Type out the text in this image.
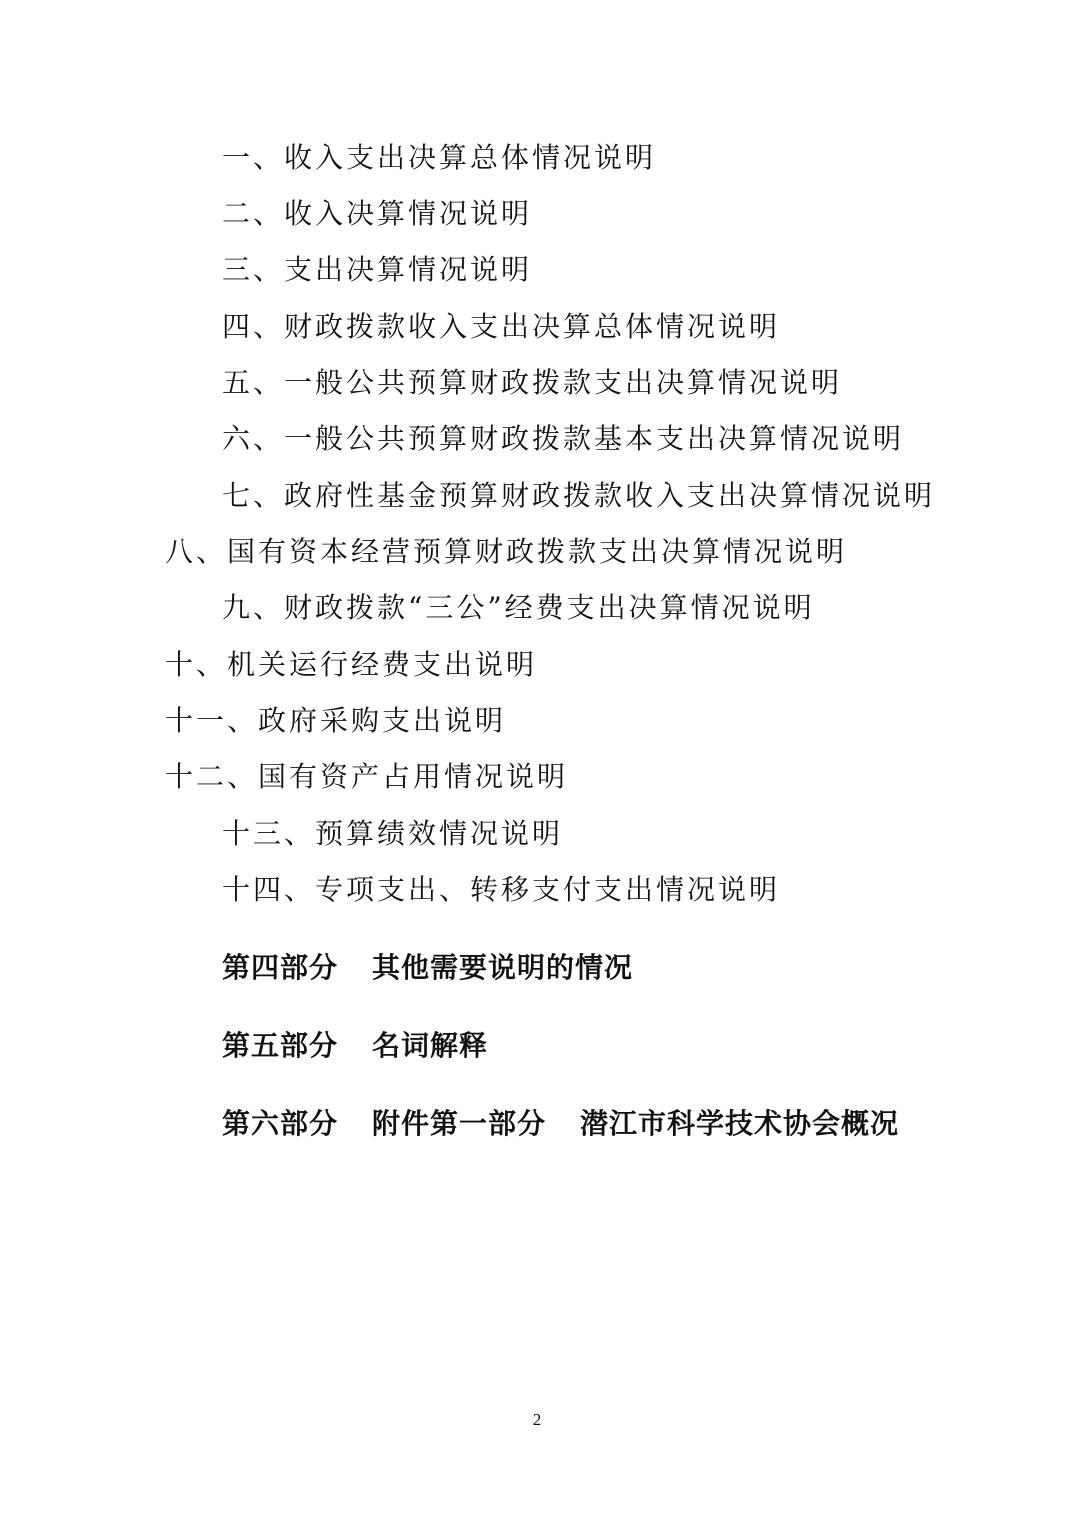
一、收入支出决算总体情况说明
二、收入决算情况说明
三、支出决算情况说明
四、财政拨款收入支出决算总体情况说明
五、一般公共预算财政拨款支出决算情况说明
六、一般公共预算财政拨款基本支出决算情况说明
七、政府性基金预算财政拨款收入支出决算情况说明
八、国有资本经营预算财政拨款支出决算情况说明
九、财政拨款“三公”经费支出决算情况说明
十、机关运行经费支出说明
十一、政府采购支出说明
十二、国有资产占用情况说明
十三、预算绩效情况说明
十四、专项支出、转移支付支出情况说明
第四部分 其他需要说明的情况
第五部分 名词解释
第六部分 附件第一部分 潜江市科学技术协会概况
2
